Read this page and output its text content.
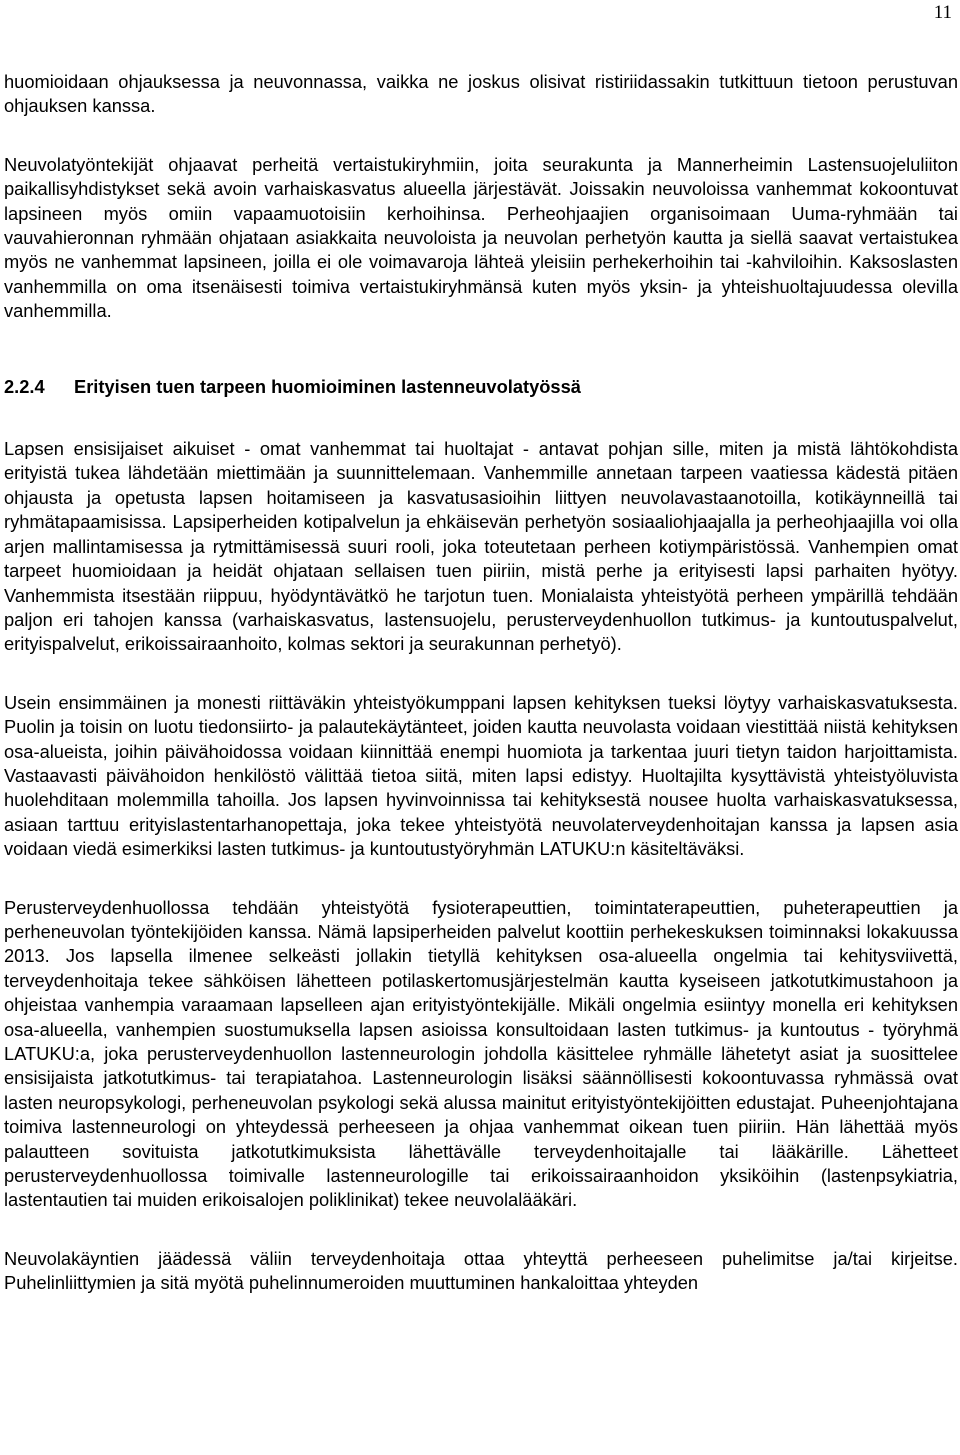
11

huomioidaan ohjauksessa ja neuvonnassa, vaikka ne joskus olisivat ristiriidassakin tutkittuun tietoon perustuvan ohjauksen kanssa.

Neuvolatyöntekijät ohjaavat perheitä vertaistukiryhmiin, joita seurakunta ja Mannerheimin Lastensuojeluliiton paikallisyhdistykset sekä avoin varhaiskasvatus alueella järjestävät. Joissakin neuvoloissa vanhemmat kokoontuvat lapsineen myös omiin vapaamuotoisiin kerhoihinsa. Perheohjaajien organisoimaan Uuma-ryhmään tai vauvahieronnan ryhmään ohjataan asiakkaita neuvoloista ja neuvolan perhetyön kautta ja siellä saavat vertaistukea myös ne vanhemmat lapsineen, joilla ei ole voimavaroja lähteä yleisiin perhekerhoihin tai -kahviloihin. Kaksoslasten vanhemmilla on oma itsenäisesti toimiva vertaistukiryhmänsä kuten myös yksin- ja yhteishuoltajuudessa olevilla vanhemmilla.

2.2.4 Erityisen tuen tarpeen huomioiminen lastenneuvolatyössä

Lapsen ensisijaiset aikuiset - omat vanhemmat tai huoltajat - antavat pohjan sille, miten ja mistä lähtökohdista erityistä tukea lähdetään miettimään ja suunnittelemaan. Vanhemmille annetaan tarpeen vaatiessa kädestä pitäen ohjausta ja opetusta lapsen hoitamiseen ja kasvatusasioihin liittyen neuvolavastaanotoilla, kotikäynneillä tai ryhmätapaamisissa. Lapsiperheiden kotipalvelun ja ehkäisevän perhetyön sosiaaliohjaajalla ja perheohjaajilla voi olla arjen mallintamisessa ja rytmittämisessä suuri rooli, joka toteutetaan perheen kotiympäristössä. Vanhempien omat tarpeet huomioidaan ja heidät ohjataan sellaisen tuen piiriin, mistä perhe ja erityisesti lapsi parhaiten hyötyy. Vanhemmista itsestään riippuu, hyödyntävätkö he tarjotun tuen. Monialaista yhteistyötä perheen ympärillä tehdään paljon eri tahojen kanssa (varhaiskasvatus, lastensuojelu, perusterveydenhuollon tutkimus- ja kuntoutuspalvelut, erityispalvelut, erikoissairaanhoito, kolmas sektori ja seurakunnan perhetyö).

Usein ensimmäinen ja monesti riittäväkin yhteistyökumppani lapsen kehityksen tueksi löytyy varhaiskasvatuksesta. Puolin ja toisin on luotu tiedonsiirto- ja palautekäytänteet, joiden kautta neuvolasta voidaan viestittää niistä kehityksen osa-alueista, joihin päivähoidossa voidaan kiinnittää enempi huomiota ja tarkentaa juuri tietyn taidon harjoittamista. Vastaavasti päivähoidon henkilöstö välittää tietoa siitä, miten lapsi edistyy. Huoltajilta kysyttävistä yhteistyöluvista huolehditaan molemmilla tahoilla. Jos lapsen hyvinvoinnissa tai kehityksestä nousee huolta varhaiskasvatuksessa, asiaan tarttuu erityislastentarhanopettaja, joka tekee yhteistyötä neuvolaterveydenhoitajan kanssa ja lapsen asia voidaan viedä esimerkiksi lasten tutkimus- ja kuntoutustyöryhmän LATUKU:n käsiteltäväksi.

Perusterveydenhuollossa tehdään yhteistyötä fysioterapeuttien, toimintaterapeuttien, puheterapeuttien ja perheneuvolan työntekijöiden kanssa. Nämä lapsiperheiden palvelut koottiin perhekeskuksen toiminnaksi lokakuussa 2013. Jos lapsella ilmenee selkeästi jollakin tietyllä kehityksen osa-alueella ongelmia tai kehitysviivettä, terveydenhoitaja tekee sähköisen lähetteen potilaskertomusjärjestelmän kautta kyseiseen jatkotutkimustahoon ja ohjeistaa vanhempia varaamaan lapselleen ajan erityistyöntekijälle. Mikäli ongelmia esiintyy monella eri kehityksen osa-alueella, vanhempien suostumuksella lapsen asioissa konsultoidaan lasten tutkimus- ja kuntoutus - työryhmä LATUKU:a, joka perusterveydenhuollon lastenneurologin johdolla käsittelee ryhmälle lähetetyt asiat ja suosittelee ensisijaista jatkotutkimus- tai terapiatahoa. Lastenneurologin lisäksi säännöllisesti kokoontuvassa ryhmässä ovat lasten neuropsykologi, perheneuvolan psykologi sekä alussa mainitut erityistyöntekijöitten edustajat. Puheenjohtajana toimiva lastenneurologi on yhteydessä perheeseen ja ohjaa vanhemmat oikean tuen piiriin. Hän lähettää myös palautteen sovituista jatkotutkimuksista lähettävälle terveydenhoitajalle tai lääkärille. Lähetteet perusterveydenhuollossa toimivalle lastenneurologille tai erikoissairaanhoidon yksiköihin (lastenpsykiatria, lastentautien tai muiden erikoisalojen poliklinikat) tekee neuvolalääkäri.

Neuvolakäyntien jäädessä väliin terveydenhoitaja ottaa yhteyttä perheeseen puhelimitse ja/tai kirjeitse. Puhelinliittymien ja sitä myötä puhelinnumeroiden muuttuminen hankaloittaa yhteyden
